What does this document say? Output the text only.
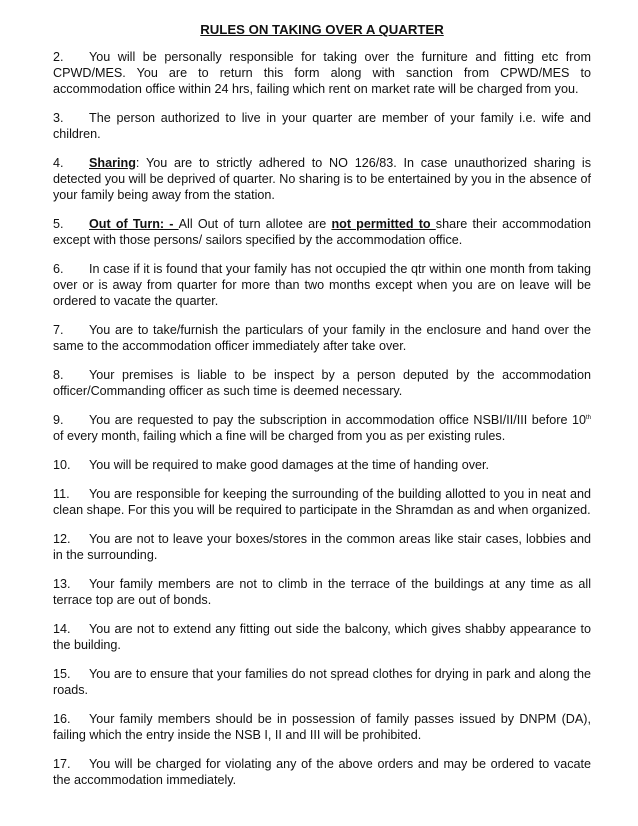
RULES ON TAKING OVER A QUARTER
2. You will be personally responsible for taking over the furniture and fitting etc from CPWD/MES. You are to return this form along with sanction from CPWD/MES to accommodation office within 24 hrs, failing which rent on market rate will be charged from you.
3. The person authorized to live in your quarter are member of your family i.e. wife and children.
4. Sharing: You are to strictly adhered to NO 126/83. In case unauthorized sharing is detected you will be deprived of quarter. No sharing is to be entertained by you in the absence of your family being away from the station.
5. Out of Turn: - All Out of turn allotee are not permitted to share their accommodation except with those persons/ sailors specified by the accommodation office.
6. In case if it is found that your family has not occupied the qtr within one month from taking over or is away from quarter for more than two months except when you are on leave will be ordered to vacate the quarter.
7. You are to take/furnish the particulars of your family in the enclosure and hand over the same to the accommodation officer immediately after take over.
8. Your premises is liable to be inspect by a person deputed by the accommodation officer/Commanding officer as such time is deemed necessary.
9. You are requested to pay the subscription in accommodation office NSBI/II/III before 10th of every month, failing which a fine will be charged from you as per existing rules.
10. You will be required to make good damages at the time of handing over.
11. You are responsible for keeping the surrounding of the building allotted to you in neat and clean shape. For this you will be required to participate in the Shramdan as and when organized.
12. You are not to leave your boxes/stores in the common areas like stair cases, lobbies and in the surrounding.
13. Your family members are not to climb in the terrace of the buildings at any time as all terrace top are out of bonds.
14. You are not to extend any fitting out side the balcony, which gives shabby appearance to the building.
15. You are to ensure that your families do not spread clothes for drying in park and along the roads.
16. Your family members should be in possession of family passes issued by DNPM (DA), failing which the entry inside the NSB I, II and III will be prohibited.
17. You will be charged for violating any of the above orders and may be ordered to vacate the accommodation immediately.
